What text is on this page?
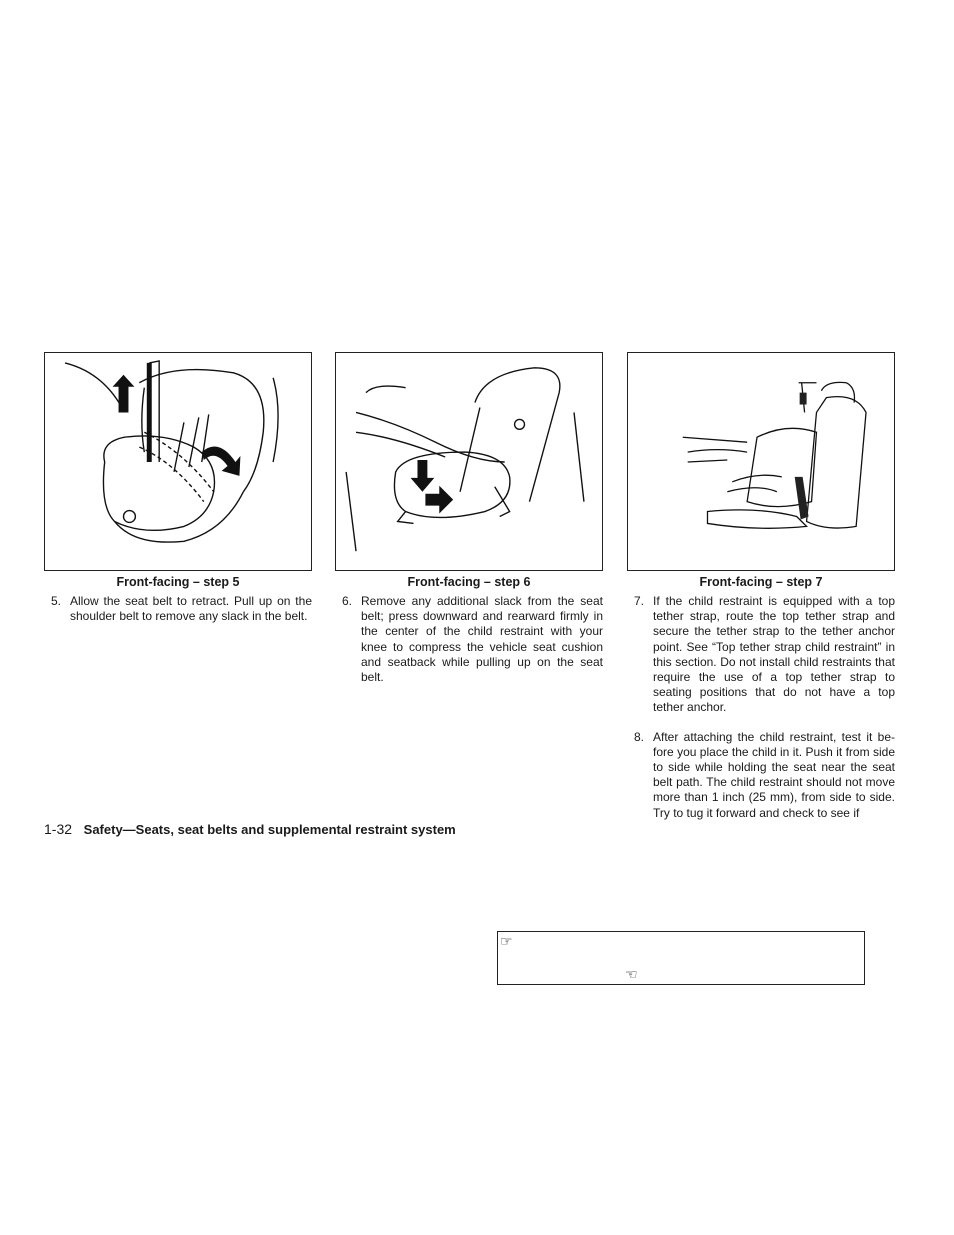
Front-facing – step 5	Front-facing – step 6	Front-facing – step 7

5. Allow the seat belt to retract. Pull up on the shoulder belt to remove any slack in the belt.

6. Remove any additional slack from the seat belt; press downward and rearward firmly in the center of the child restraint with your knee to compress the vehicle seat cushion and seatback while pulling up on the seat belt.

7. If the child restraint is equipped with a top tether strap, route the top tether strap and secure the tether strap to the tether anchor point. See “Top tether strap child restraint” in this section. Do not install child restraints that require the use of a top tether strap to seating positions that do not have a top tether anchor.

8. After attaching the child restraint, test it be-fore you place the child in it. Push it from side to side while holding the seat near the seat belt path. The child restraint should not move more than 1 inch (25 mm), from side to side. Try to tug it forward and check to see if

1-32 Safety—Seats, seat belts and supplemental restraint system
☞
☜
